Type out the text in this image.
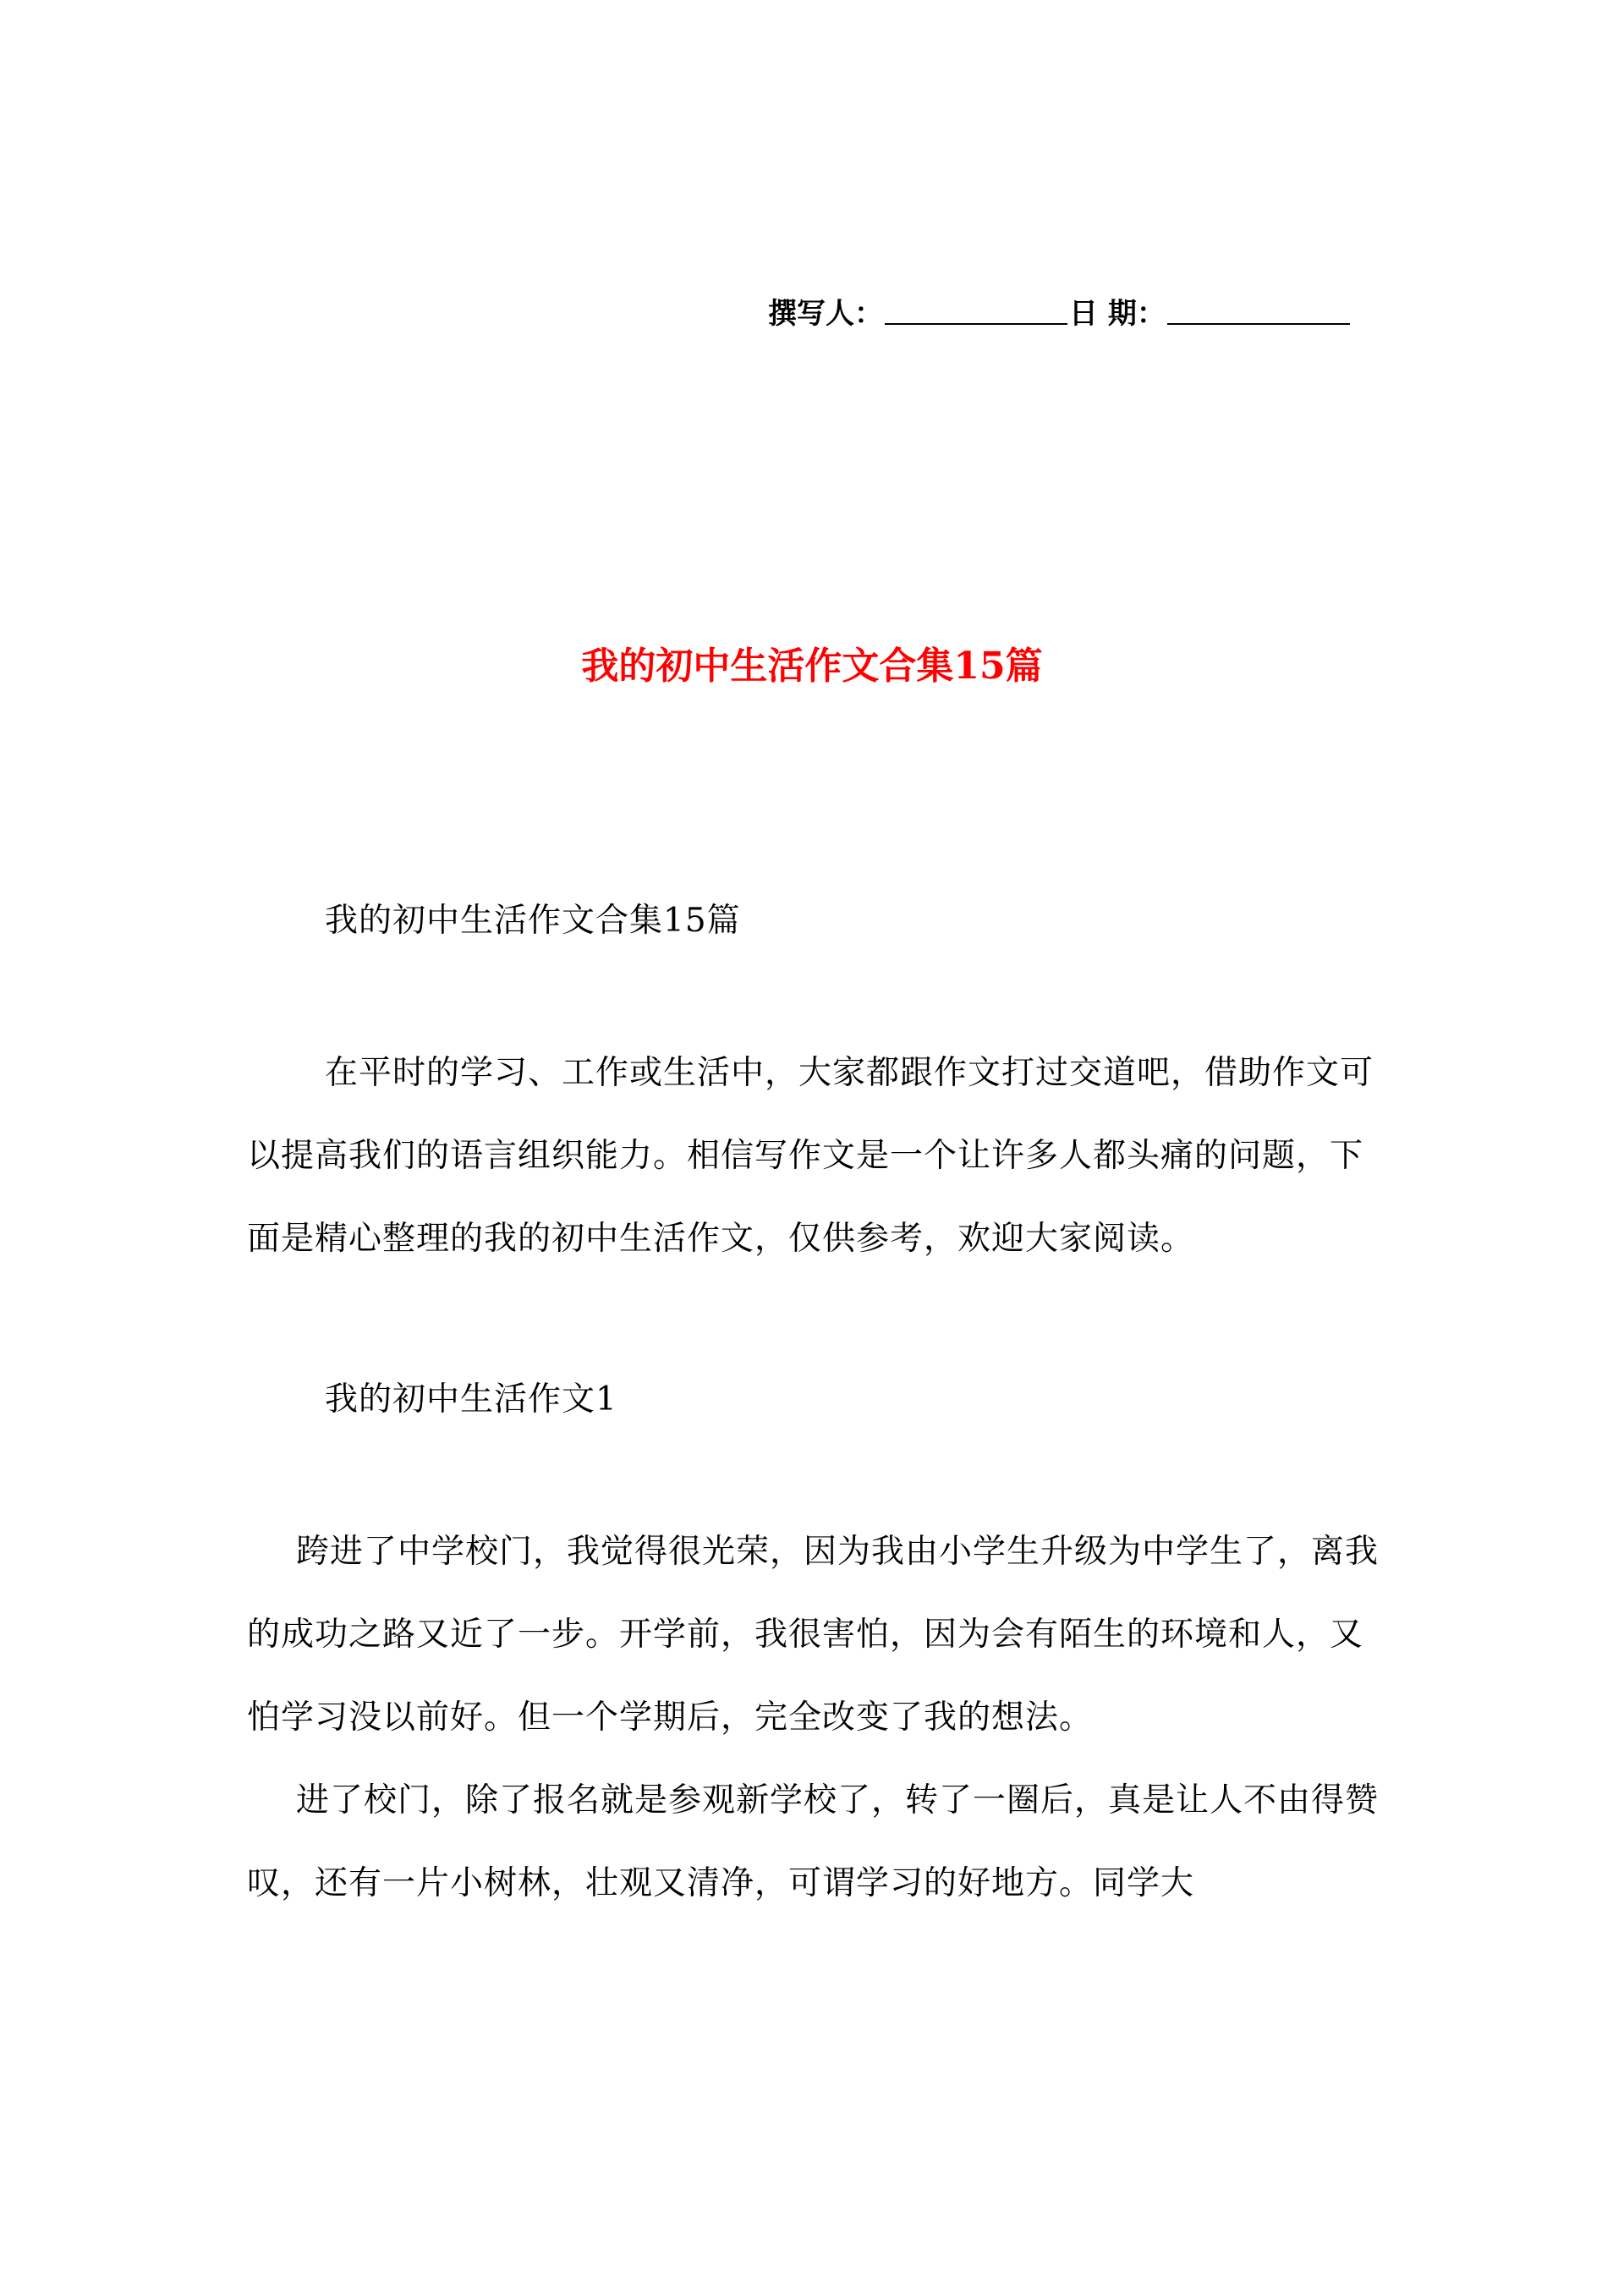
撰写人：	日 期：
我的初中生活作文合集15篇

我的初中生活作文合集15篇

在平时的学习、工作或生活中，大家都跟作文打过交道吧，借助作文可以提高我们的语言组织能力。相信写作文是一个让许多人都头痛的问题，下面是精心整理的我的初中生活作文，仅供参考，欢迎大家阅读。

我的初中生活作文1

跨进了中学校门，我觉得很光荣，因为我由小学生升级为中学生了，离我的成功之路又近了一步。开学前，我很害怕，因为会有陌生的环境和人，又怕学习没以前好。但一个学期后，完全改变了我的想法。

进了校门，除了报名就是参观新学校了，转了一圈后，真是让人不由得赞叹，还有一片小树林，壮观又清净，可谓学习的好地方。同学大
